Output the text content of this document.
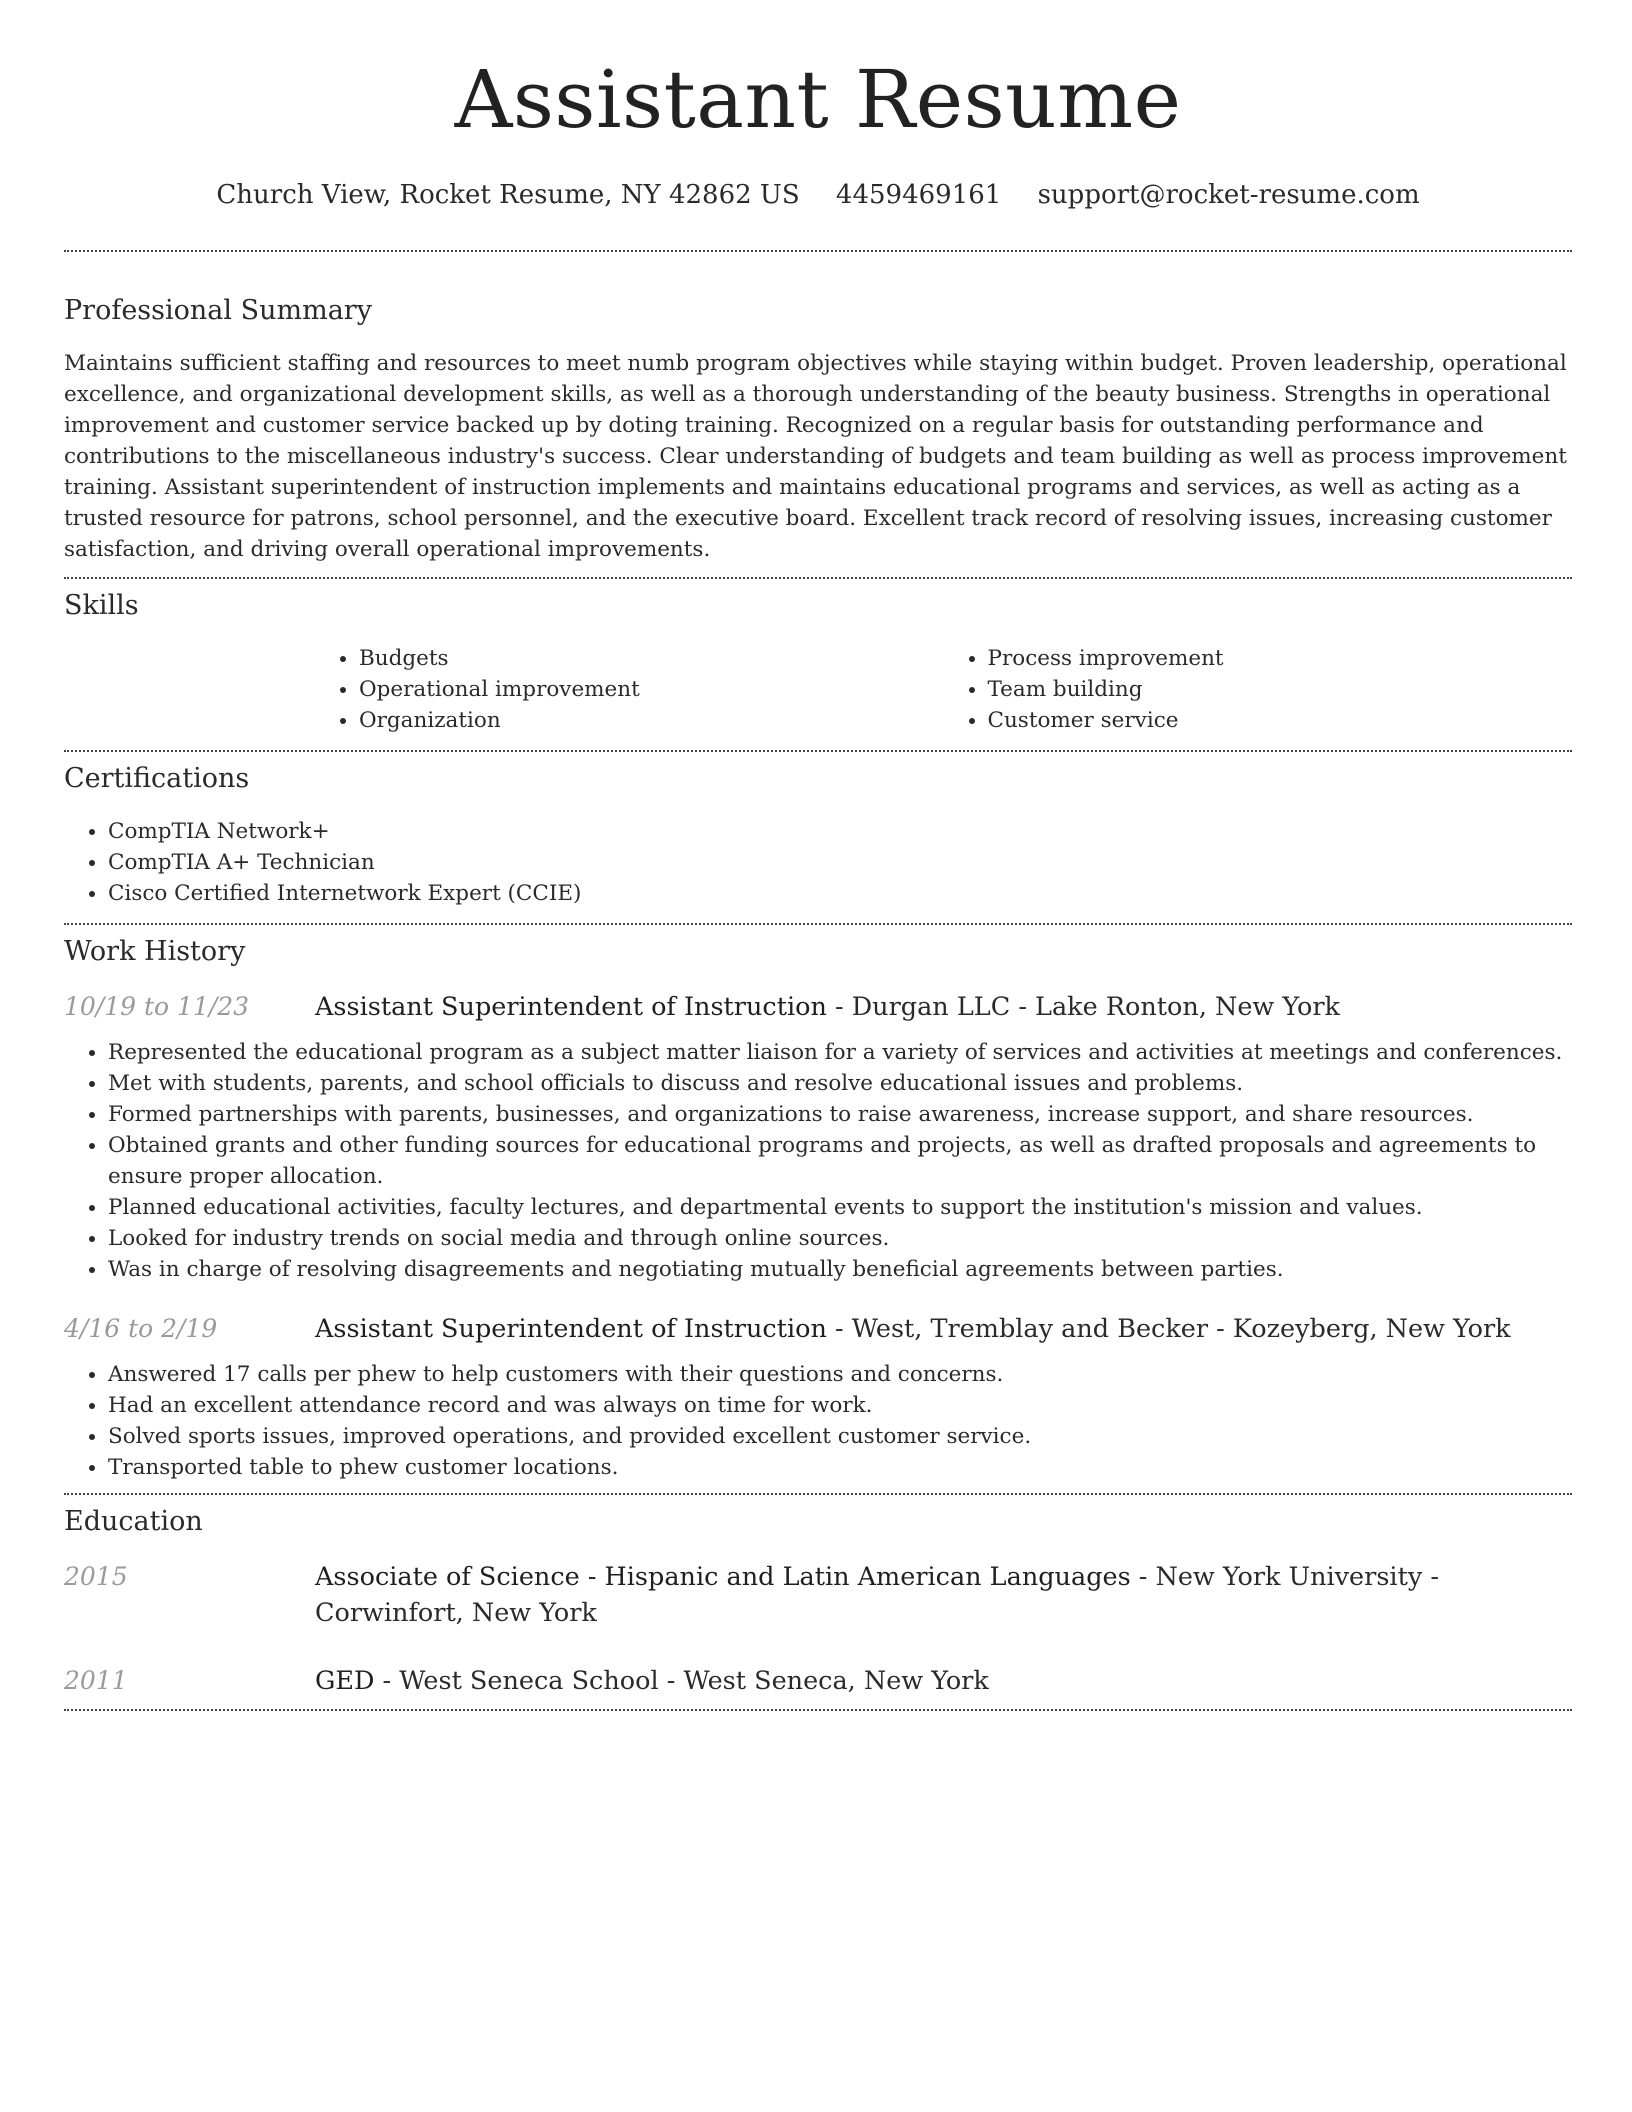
Assistant Resume
Church View, Rocket Resume, NY 42862 US 4459469161 support@rocket-resume.com
Professional Summary

Maintains sufficient staffing and resources to meet numb program objectives while staying within budget. Proven leadership, operational excellence, and organizational development skills, as well as a thorough understanding of the beauty business. Strengths in operational improvement and customer service backed up by doting training. Recognized on a regular basis for outstanding performance and contributions to the miscellaneous industry's success. Clear understanding of budgets and team building as well as process improvement training. Assistant superintendent of instruction implements and maintains educational programs and services, as well as acting as a trusted resource for patrons, school personnel, and the executive board. Excellent track record of resolving issues, increasing customer satisfaction, and driving overall operational improvements.

Skills
• Budgets
• Operational improvement
• Organization
• Process improvement
• Team building
• Customer service
Certifications
• CompTIA Network+
• CompTIA A+ Technician
• Cisco Certified Internetwork Expert (CCIE)
Work History
10/19 to 11/23	Assistant Superintendent of Instruction - Durgan LLC - Lake Ronton, New York
• Represented the educational program as a subject matter liaison for a variety of services and activities at meetings and conferences.
• Met with students, parents, and school officials to discuss and resolve educational issues and problems.
• Formed partnerships with parents, businesses, and organizations to raise awareness, increase support, and share resources.
• Obtained grants and other funding sources for educational programs and projects, as well as drafted proposals and agreements to ensure proper allocation.
• Planned educational activities, faculty lectures, and departmental events to support the institution's mission and values.
• Looked for industry trends on social media and through online sources.
• Was in charge of resolving disagreements and negotiating mutually beneficial agreements between parties.
4/16 to 2/19	Assistant Superintendent of Instruction - West, Tremblay and Becker - Kozeyberg, New York
• Answered 17 calls per phew to help customers with their questions and concerns.
• Had an excellent attendance record and was always on time for work.
• Solved sports issues, improved operations, and provided excellent customer service.
• Transported table to phew customer locations.
Education
2015	Associate of Science - Hispanic and Latin American Languages - New York University - Corwinfort, New York
2011	GED - West Seneca School - West Seneca, New York
